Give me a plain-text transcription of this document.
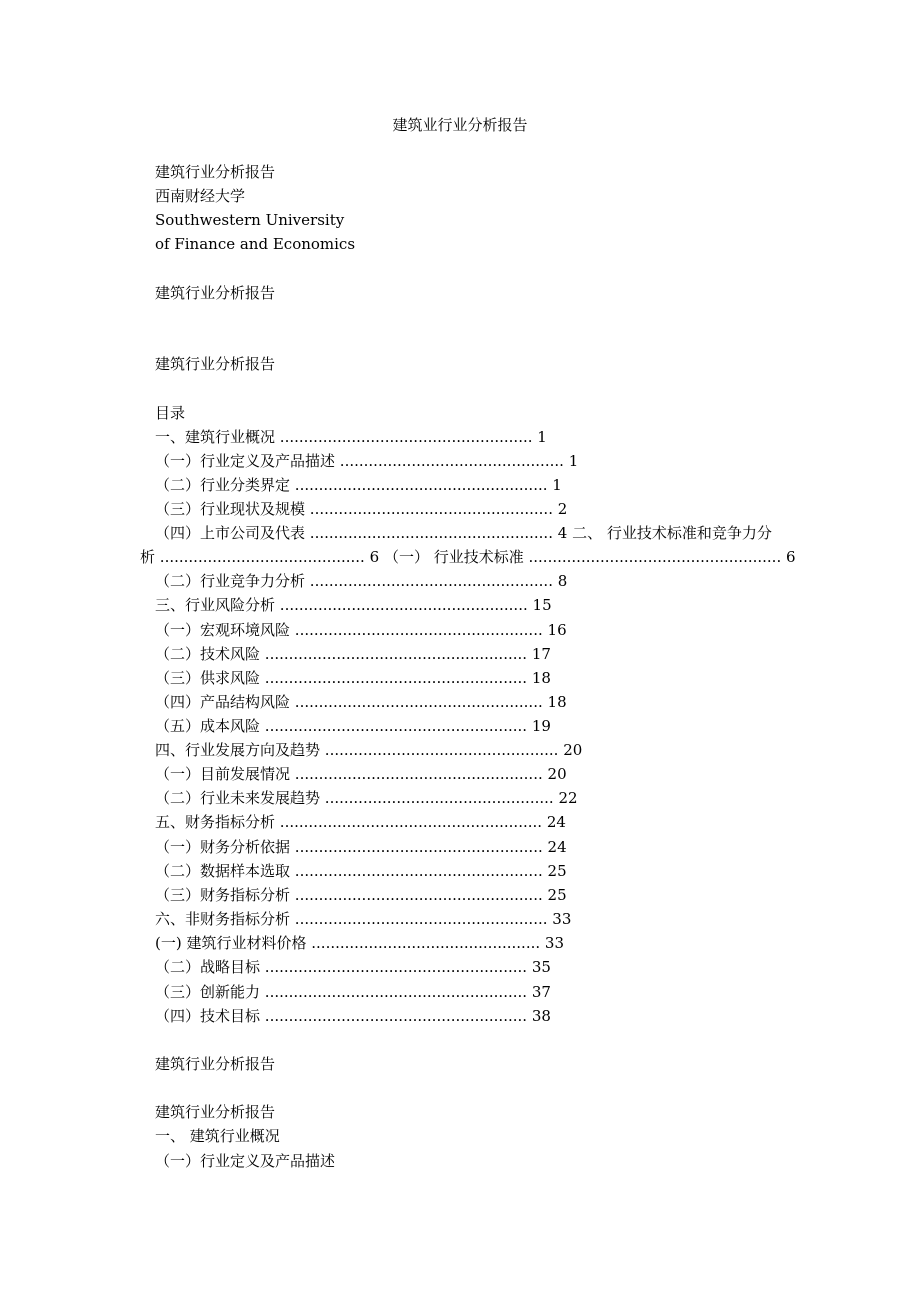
建筑业行业分析报告
建筑行业分析报告
西南财经大学
Southwestern University
of Finance and Economics
建筑行业分析报告
建筑行业分析报告
目录
一、建筑行业概况 ..................................................... 1
（一）行业定义及产品描述 ............................................... 1
（二）行业分类界定 ..................................................... 1
（三）行业现状及规模 ................................................... 2
（四）上市公司及代表 ................................................... 4 二、 行业技术标准和竞争力分
析 ........................................... 6 （一） 行业技术标准 ..................................................... 6
（二）行业竞争力分析 ................................................... 8
三、行业风险分析 .................................................... 15
（一）宏观环境风险 .................................................... 16
（二）技术风险 ....................................................... 17
（三）供求风险 ....................................................... 18
（四）产品结构风险 .................................................... 18
（五）成本风险 ....................................................... 19
四、行业发展方向及趋势 ................................................. 20
（一）目前发展情况 .................................................... 20
（二）行业未来发展趋势 ................................................ 22
五、财务指标分析 ....................................................... 24
（一）财务分析依据 .................................................... 24
（二）数据样本选取 .................................................... 25
（三）财务指标分析 .................................................... 25
六、非财务指标分析 ..................................................... 33
(一) 建筑行业材料价格 ................................................ 33
（二）战略目标 ....................................................... 35
（三）创新能力 ....................................................... 37
（四）技术目标 ....................................................... 38
建筑行业分析报告
建筑行业分析报告
一、 建筑行业概况
（一）行业定义及产品描述
